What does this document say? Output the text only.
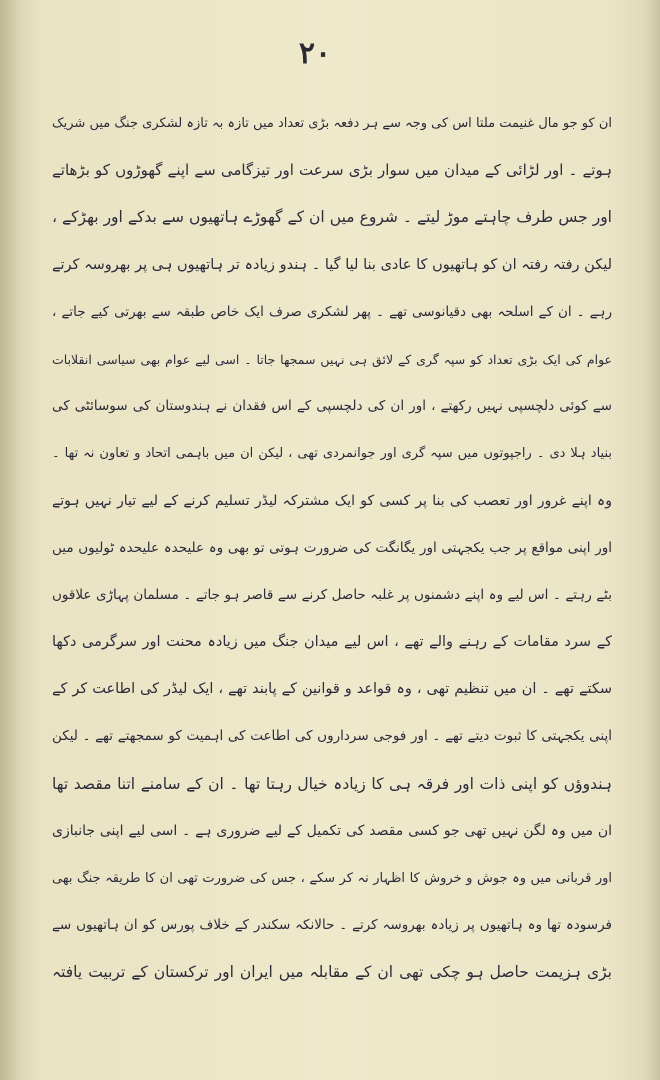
٢٠
ان کو جو مال غنیمت ملتا اس کی وجہ سے ہر دفعہ بڑی تعداد میں تازہ بہ تازہ لشکری جنگ میں شریک
ہوتے ۔ اور لڑائی کے میدان میں سوار بڑی سرعت اور تیزگامی سے اپنے گھوڑوں کو بڑھاتے
اور جس طرف چاہتے موڑ لیتے ۔ شروع میں ان کے گھوڑے ہاتھیوں سے بدکے اور بھڑکے ،
لیکن رفتہ رفتہ ان کو ہاتھیوں کا عادی بنا لیا گیا ۔ ہندو زیادہ تر ہاتھیوں ہی پر بھروسہ کرتے
رہے ۔ ان کے اسلحہ بھی دقیانوسی تھے ۔ پھر لشکری صرف ایک خاص طبقہ سے بھرتی کیے جاتے ،
عوام کی ایک بڑی تعداد کو سپہ گری کے لائق ہی نہیں سمجھا جاتا ۔ اسی لیے عوام بھی سیاسی انقلابات
سے کوئی دلچسپی نہیں رکھتے ، اور ان کی دلچسپی کے اس فقدان نے ہندوستان کی سوسائٹی کی
بنیاد ہلا دی ۔ راجپوتوں میں سپہ گری اور جوانمردی تھی ، لیکن ان میں باہمی اتحاد و تعاون نہ تھا ۔
وہ اپنے غرور اور تعصب کی بنا پر کسی کو ایک مشترکہ لیڈر تسلیم کرنے کے لیے تیار نہیں ہوتے
اور اپنی مواقع پر جب یکجہتی اور یگانگت کی ضرورت ہوتی تو بھی وہ علیحدہ علیحدہ ٹولیوں میں
بٹے رہتے ۔ اس لیے وہ اپنے دشمنوں پر غلبہ حاصل کرنے سے قاصر ہو جاتے ۔ مسلمان پہاڑی علاقوں
کے سرد مقامات کے رہنے والے تھے ، اس لیے میدان جنگ میں زیادہ محنت اور سرگرمی دکھا
سکتے تھے ۔ ان میں تنظیم تھی ، وہ قواعد و قوانین کے پابند تھے ، ایک لیڈر کی اطاعت کر کے
اپنی یکجہتی کا ثبوت دیتے تھے ۔ اور فوجی سرداروں کی اطاعت کی اہمیت کو سمجھتے تھے ۔ لیکن
ہندوؤں کو اپنی ذات اور فرقہ ہی کا زیادہ خیال رہتا تھا ۔ ان کے سامنے اتنا مقصد تھا
ان میں وہ لگن نہیں تھی جو کسی مقصد کی تکمیل کے لیے ضروری ہے ۔ اسی لیے اپنی جانبازی
اور قربانی میں وہ جوش و خروش کا اظہار نہ کر سکے ، جس کی ضرورت تھی ان کا طریقہ جنگ بھی
فرسودہ تھا وہ ہاتھیوں پر زیادہ بھروسہ کرتے ۔ حالانکہ سکندر کے خلاف پورس کو ان ہاتھیوں سے
بڑی ہزیمت حاصل ہو چکی تھی ان کے مقابلہ میں ایران اور ترکستان کے تربیت یافتہ
